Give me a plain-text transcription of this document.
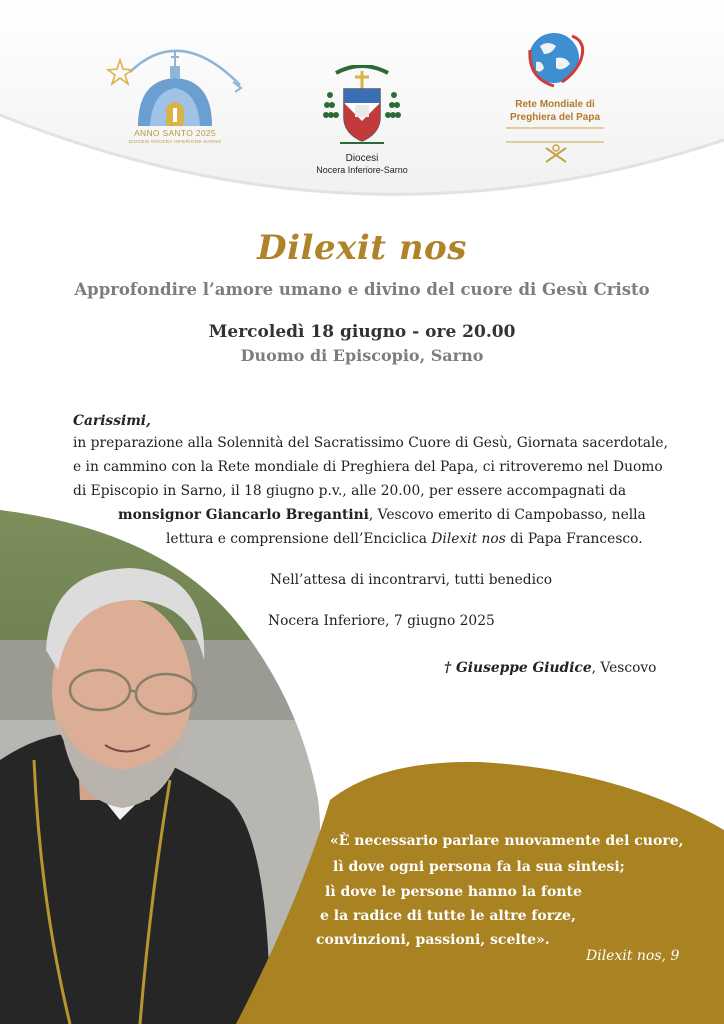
ANNO SANTO 2025
DIOCESI NOCERA INFERIORE-SARNO
Diocesi
Nocera Inferiore-Sarno
Rete Mondiale di
Preghiera del Papa
Dilexit nos
Approfondire l’amore umano e divino del cuore di Gesù Cristo
Mercoledì 18 giugno - ore 20.00
Duomo di Episcopio, Sarno
Carissimi,
in preparazione alla Solennità del Sacratissimo Cuore di Gesù, Giornata sacerdotale,
e in cammino con la Rete mondiale di Preghiera del Papa, ci ritroveremo nel Duomo
di Episcopio in Sarno, il 18 giugno p.v., alle 20.00, per essere accompagnati da
monsignor Giancarlo Bregantini, Vescovo emerito di Campobasso, nella
lettura e comprensione dell’Enciclica Dilexit nos di Papa Francesco.
Nell’attesa di incontrarvi, tutti benedico
Nocera Inferiore, 7 giugno 2025
† Giuseppe Giudice, Vescovo
«È necessario parlare nuovamente del cuore,
lì dove ogni persona fa la sua sintesi;
lì dove le persone hanno la fonte
e la radice di tutte le altre forze,
convinzioni, passioni, scelte».
Dilexit nos, 9
